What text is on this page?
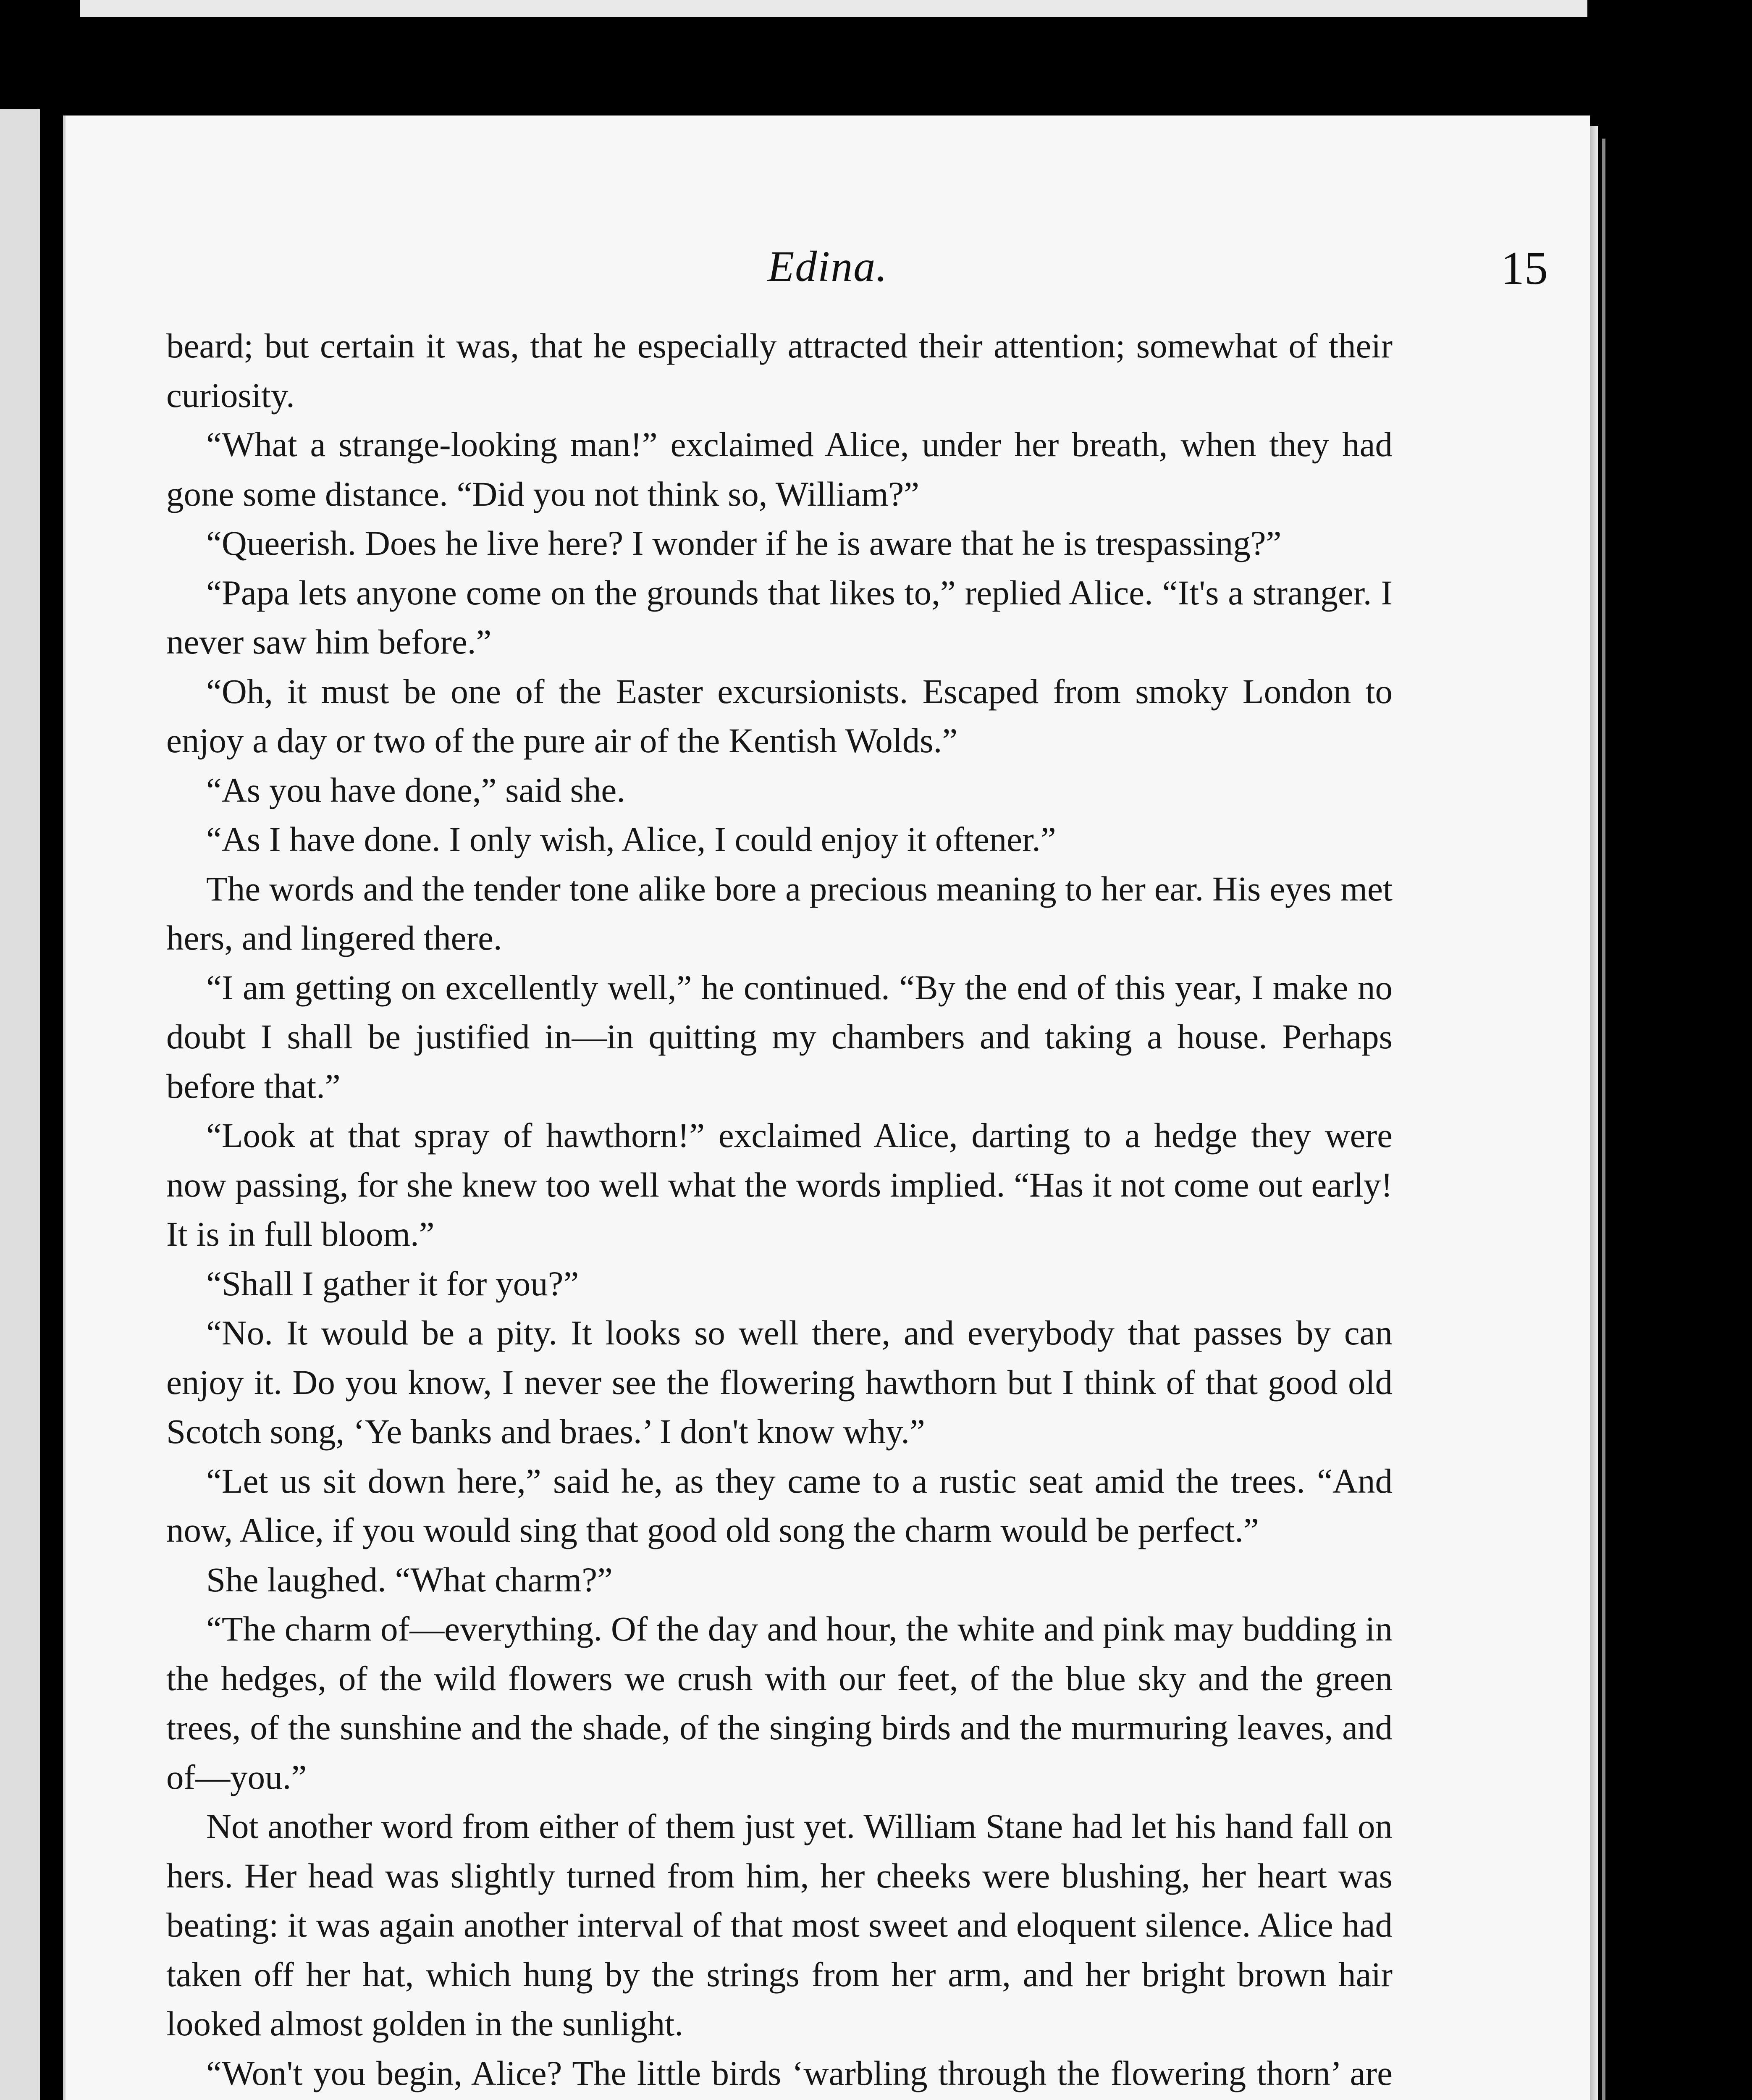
Edina.	15

beard; but certain it was, that he especially attracted their attention; somewhat of their curiosity.

“What a strange-looking man!” exclaimed Alice, under her breath, when they had gone some distance. “Did you not think so, William?”

“Queerish. Does he live here? I wonder if he is aware that he is trespassing?”

“Papa lets anyone come on the grounds that likes to,” replied Alice. “It's a stranger. I never saw him before.”

“Oh, it must be one of the Easter excursionists. Escaped from smoky London to enjoy a day or two of the pure air of the Kentish Wolds.”

“As you have done,” said she.

“As I have done. I only wish, Alice, I could enjoy it oftener.”

The words and the tender tone alike bore a precious meaning to her ear. His eyes met hers, and lingered there.

“I am getting on excellently well,” he continued. “By the end of this year, I make no doubt I shall be justified in—in quitting my chambers and taking a house. Perhaps before that.”

“Look at that spray of hawthorn!” exclaimed Alice, darting to a hedge they were now passing, for she knew too well what the words implied. “Has it not come out early! It is in full bloom.”

“Shall I gather it for you?”

“No. It would be a pity. It looks so well there, and everybody that passes by can enjoy it. Do you know, I never see the flowering hawthorn but I think of that good old Scotch song, ‘Ye banks and braes.’ I don't know why.”

“Let us sit down here,” said he, as they came to a rustic seat amid the trees. “And now, Alice, if you would sing that good old song the charm would be perfect.”

She laughed. “What charm?”

“The charm of—everything. Of the day and hour, the white and pink may budding in the hedges, of the wild flowers we crush with our feet, of the blue sky and the green trees, of the sunshine and the shade, of the singing birds and the murmuring leaves, and of—you.”

Not another word from either of them just yet. William Stane had let his hand fall on hers. Her head was slightly turned from him, her cheeks were blushing, her heart was beating: it was again another interval of that most sweet and eloquent silence. Alice had taken off her hat, which hung by the strings from her arm, and her bright brown hair looked almost golden in the sunlight.

“Won't you begin, Alice? The little birds ‘warbling through the flowering thorn’ are
